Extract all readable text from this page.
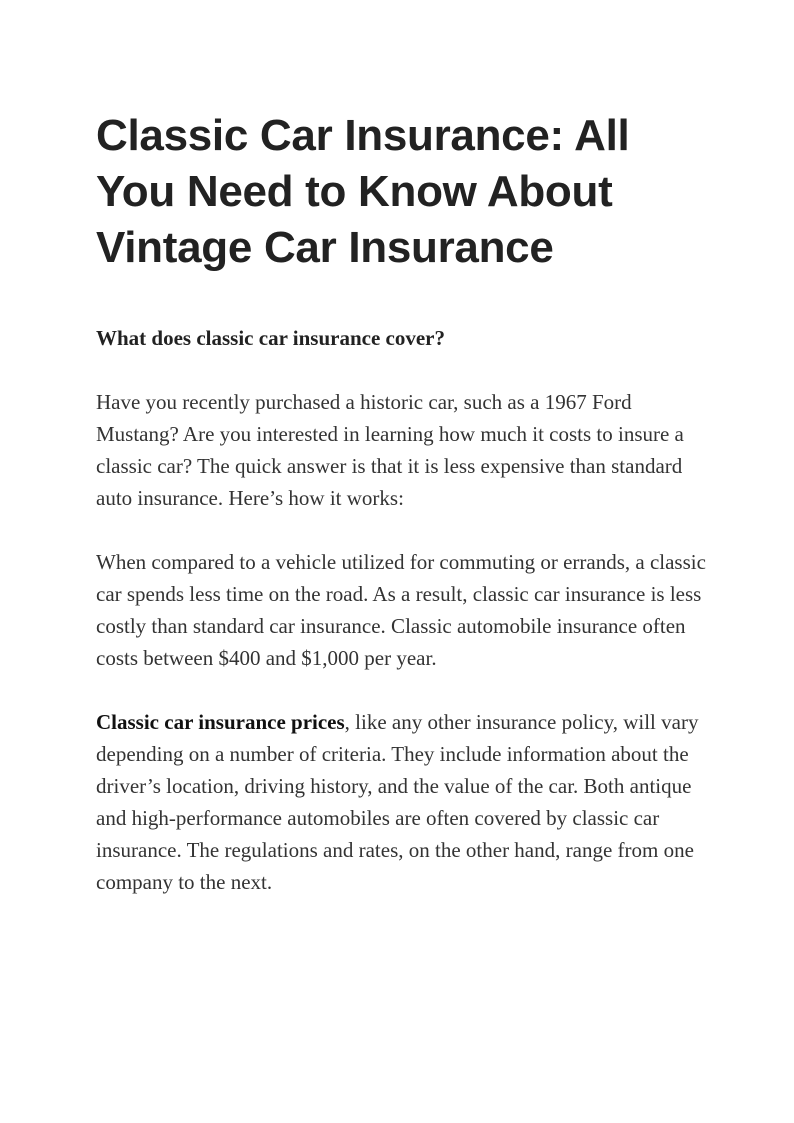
Classic Car Insurance: All You Need to Know About Vintage Car Insurance
What does classic car insurance cover?

Have you recently purchased a historic car, such as a 1967 Ford Mustang? Are you interested in learning how much it costs to insure a classic car? The quick answer is that it is less expensive than standard auto insurance. Here’s how it works:

When compared to a vehicle utilized for commuting or errands, a classic car spends less time on the road. As a result, classic car insurance is less costly than standard car insurance. Classic automobile insurance often costs between $400 and $1,000 per year.

Classic car insurance prices, like any other insurance policy, will vary depending on a number of criteria. They include information about the driver’s location, driving history, and the value of the car. Both antique and high-performance automobiles are often covered by classic car insurance. The regulations and rates, on the other hand, range from one company to the next.
